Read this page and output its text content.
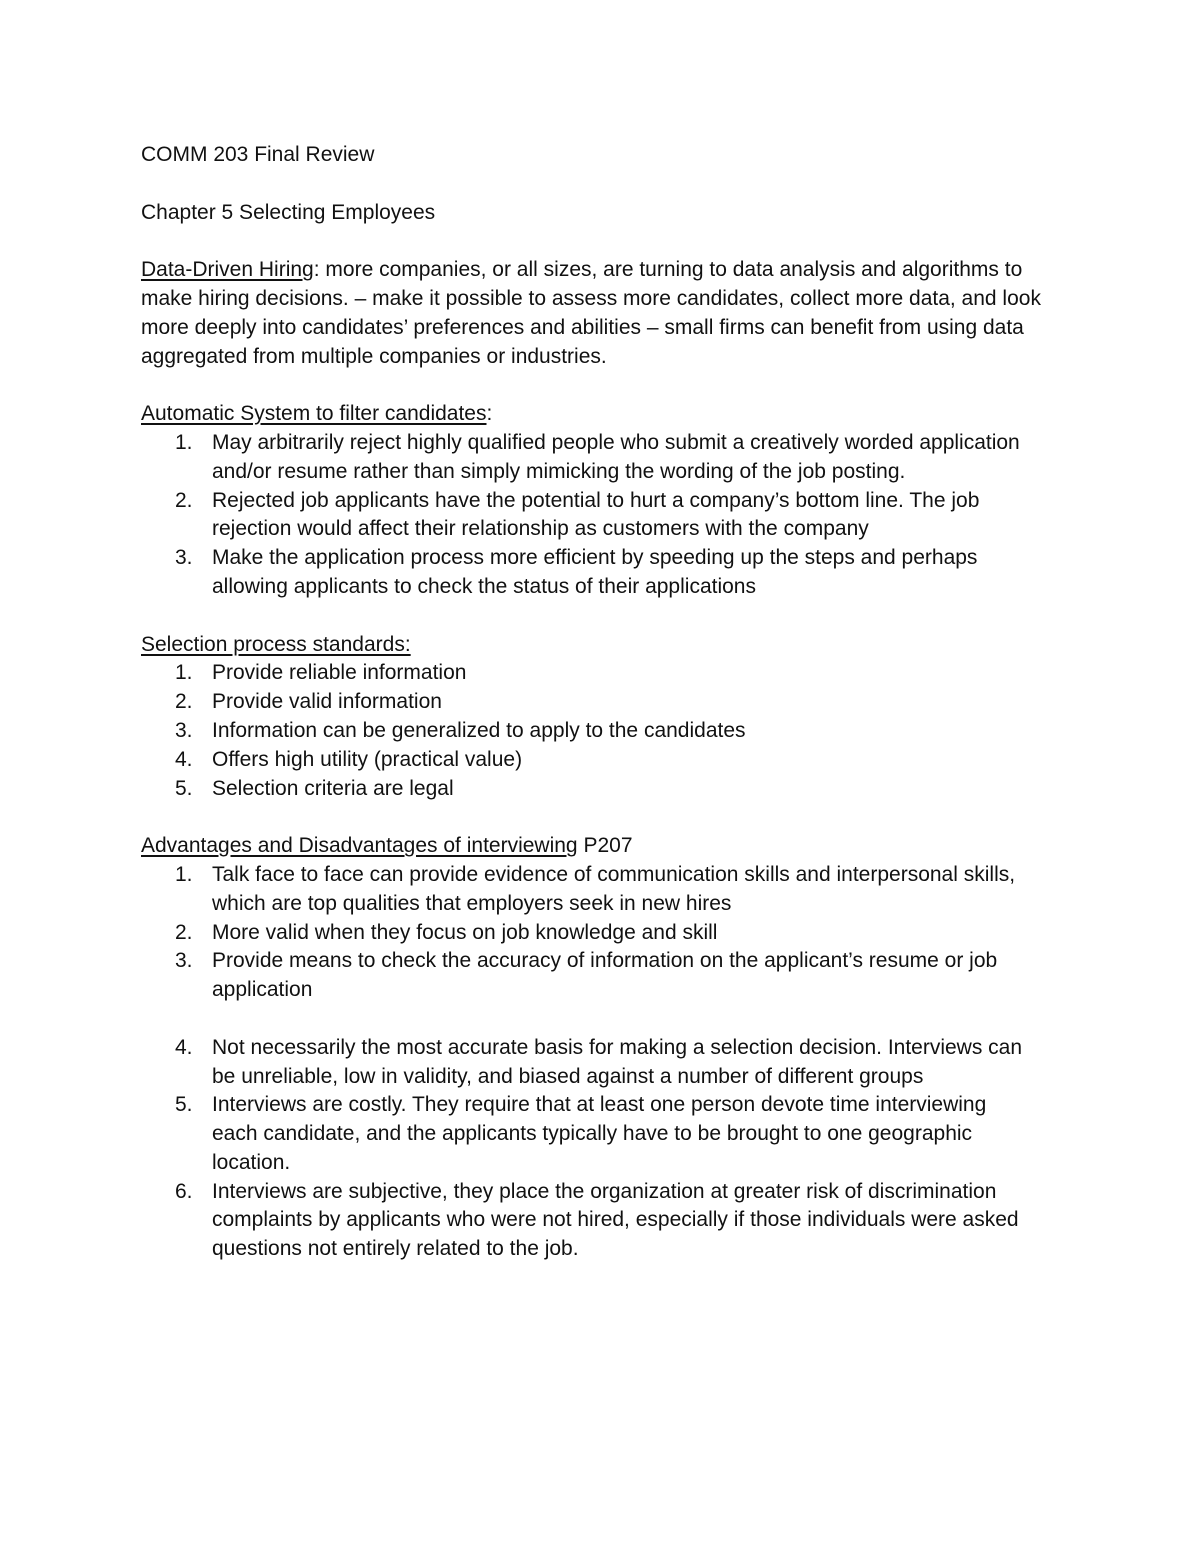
COMM 203 Final Review

Chapter 5 Selecting Employees

Data-Driven Hiring: more companies, or all sizes, are turning to data analysis and algorithms to

make hiring decisions. – make it possible to assess more candidates, collect more data, and look

more deeply into candidates’ preferences and abilities – small firms can benefit from using data

aggregated from multiple companies or industries.

Automatic System to filter candidates:

1. May arbitrarily reject highly qualified people who submit a creatively worded application
and/or resume rather than simply mimicking the wording of the job posting.
2. Rejected job applicants have the potential to hurt a company’s bottom line. The job
rejection would affect their relationship as customers with the company
3. Make the application process more efficient by speeding up the steps and perhaps
allowing applicants to check the status of their applications

Selection process standards:

1. Provide reliable information
2. Provide valid information
3. Information can be generalized to apply to the candidates
4. Offers high utility (practical value)
5. Selection criteria are legal

Advantages and Disadvantages of interviewing P207

1. Talk face to face can provide evidence of communication skills and interpersonal skills,
which are top qualities that employers seek in new hires
2. More valid when they focus on job knowledge and skill
3. Provide means to check the accuracy of information on the applicant’s resume or job
application
4. Not necessarily the most accurate basis for making a selection decision. Interviews can
be unreliable, low in validity, and biased against a number of different groups
5. Interviews are costly. They require that at least one person devote time interviewing
each candidate, and the applicants typically have to be brought to one geographic
location.
6. Interviews are subjective, they place the organization at greater risk of discrimination
complaints by applicants who were not hired, especially if those individuals were asked
questions not entirely related to the job.
